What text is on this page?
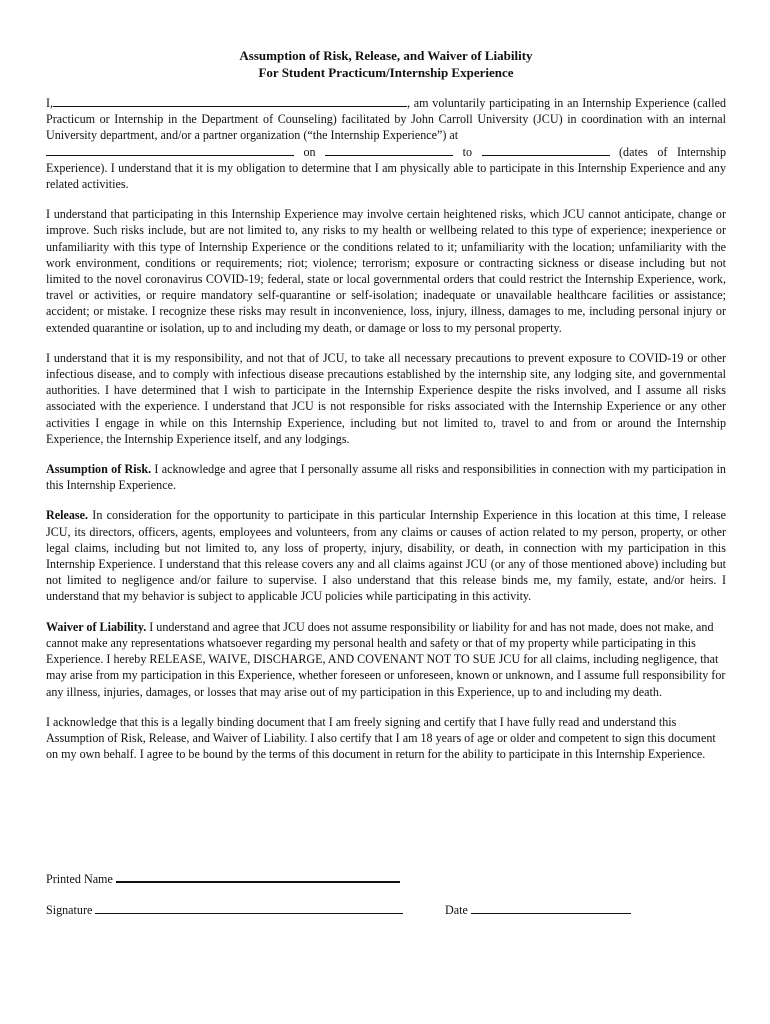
Assumption of Risk, Release, and Waiver of Liability
For Student Practicum/Internship Experience

I,	, am voluntarily participating in an Internship Experience (called Practicum or Internship in the Department of Counseling) facilitated by John Carroll University (JCU) in coordination with an internal University department, and/or a partner organization (“the Internship Experience”) at
on	to	(dates of Internship Experience). I understand that it is my obligation to determine that I am physically able to participate in this Internship Experience and any related activities.

I understand that participating in this Internship Experience may involve certain heightened risks, which JCU cannot anticipate, change or improve. Such risks include, but are not limited to, any risks to my health or wellbeing related to this type of experience; inexperience or unfamiliarity with this type of Internship Experience or the conditions related to it; unfamiliarity with the location; unfamiliarity with the work environment, conditions or requirements; riot; violence; terrorism; exposure or contracting sickness or disease including but not limited to the novel coronavirus COVID-19; federal, state or local governmental orders that could restrict the Internship Experience, work, travel or activities, or require mandatory self-quarantine or self-isolation; inadequate or unavailable healthcare facilities or assistance; accident; or mistake. I recognize these risks may result in inconvenience, loss, injury, illness, damages to me, including personal injury or extended quarantine or isolation, up to and including my death, or damage or loss to my personal property.

I understand that it is my responsibility, and not that of JCU, to take all necessary precautions to prevent exposure to COVID-19 or other infectious disease, and to comply with infectious disease precautions established by the internship site, any lodging site, and governmental authorities. I have determined that I wish to participate in the Internship Experience despite the risks involved, and I assume all risks associated with the experience. I understand that JCU is not responsible for risks associated with the Internship Experience or any other activities I engage in while on this Internship Experience, including but not limited to, travel to and from or around the Internship Experience, the Internship Experience itself, and any lodgings.

Assumption of Risk. I acknowledge and agree that I personally assume all risks and responsibilities in connection with my participation in this Internship Experience.

Release. In consideration for the opportunity to participate in this particular Internship Experience in this location at this time, I release JCU, its directors, officers, agents, employees and volunteers, from any claims or causes of action related to my person, property, or other legal claims, including but not limited to, any loss of property, injury, disability, or death, in connection with my participation in this Internship Experience. I understand that this release covers any and all claims against JCU (or any of those mentioned above) including but not limited to negligence and/or failure to supervise. I also understand that this release binds me, my family, estate, and/or heirs. I understand that my behavior is subject to applicable JCU policies while participating in this activity.

Waiver of Liability. I understand and agree that JCU does not assume responsibility or liability for and has not made, does not make, and cannot make any representations whatsoever regarding my personal health and safety or that of my property while participating in this Experience. I hereby RELEASE, WAIVE, DISCHARGE, AND COVENANT NOT TO SUE JCU for all claims, including negligence, that may arise from my participation in this Experience, whether foreseen or unforeseen, known or unknown, and I assume full responsibility for any illness, injuries, damages, or losses that may arise out of my participation in this Experience, up to and including my death.

I acknowledge that this is a legally binding document that I am freely signing and certify that I have fully read and understand this Assumption of Risk, Release, and Waiver of Liability. I also certify that I am 18 years of age or older and competent to sign this document on my own behalf. I agree to be bound by the terms of this document in return for the ability to participate in this Internship Experience.

Printed Name
Signature	Date
